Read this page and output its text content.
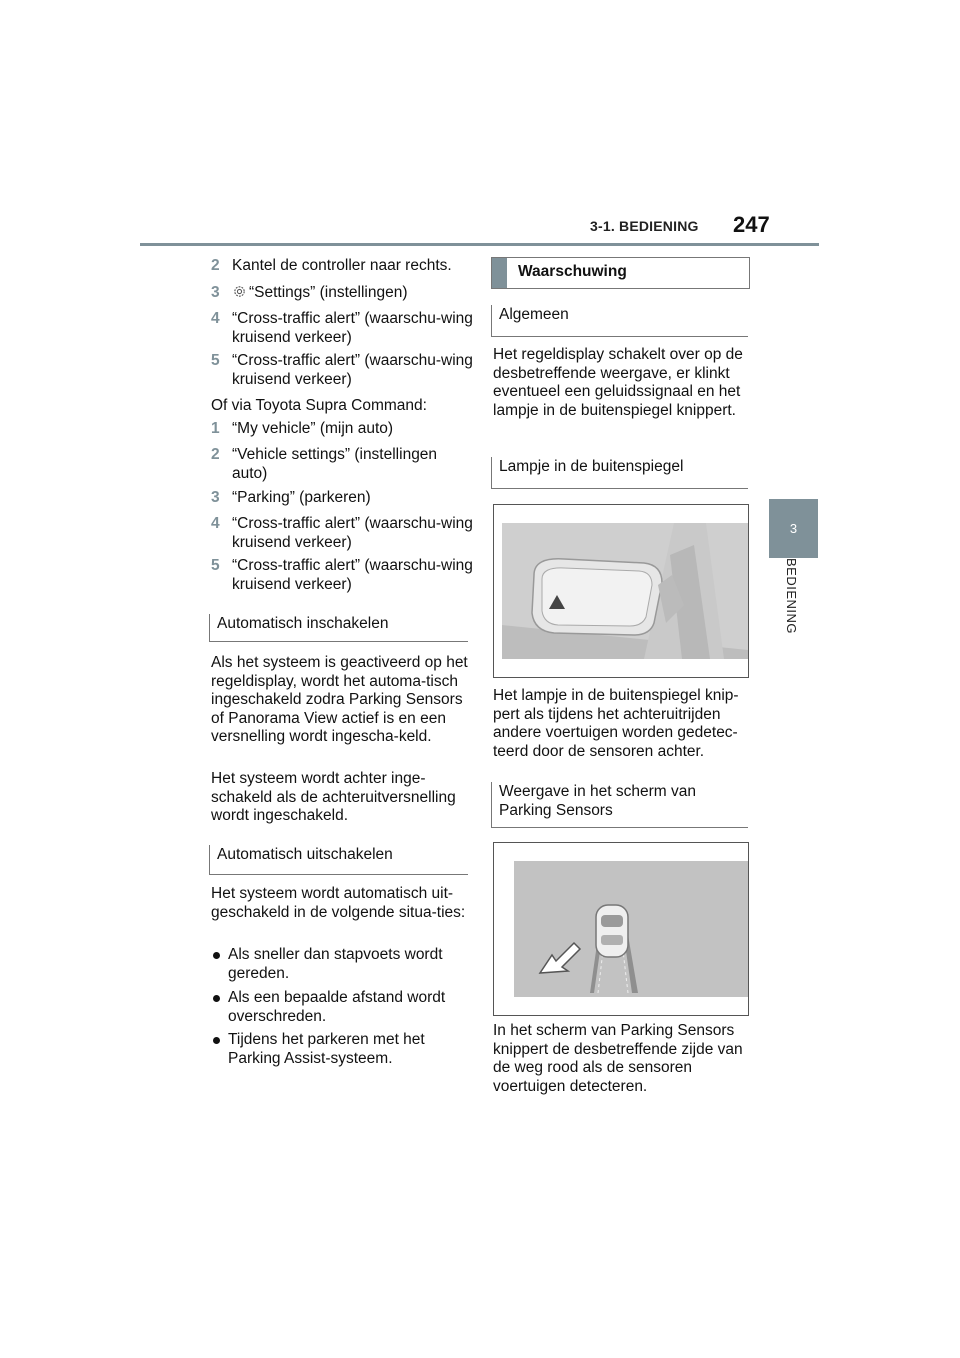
3-1. BEDIENING 247
3
BEDIENING
2 Kantel de controller naar rechts.
3	“Settings” (instellingen)
4 “Cross-traffic alert” (waarschu-wing kruisend verkeer)
5 “Cross-traffic alert” (waarschu-wing kruisend verkeer)
Of via Toyota Supra Command:
1 “My vehicle” (mijn auto)
2 “Vehicle settings” (instellingen auto)
3 “Parking” (parkeren)
4 “Cross-traffic alert” (waarschu-wing kruisend verkeer)
5 “Cross-traffic alert” (waarschu-wing kruisend verkeer)
Automatisch inschakelen
Als het systeem is geactiveerd op het regeldisplay, wordt het automa-tisch ingeschakeld zodra Parking Sensors of Panorama View actief is en een versnelling wordt ingescha-keld.
Het systeem wordt achter inge-schakeld als de achteruitversnelling wordt ingeschakeld.
Automatisch uitschakelen
Het systeem wordt automatisch uit-geschakeld in de volgende situa-ties:
Als sneller dan stapvoets wordt gereden.
Als een bepaalde afstand wordt overschreden.
Tijdens het parkeren met het Parking Assist-systeem.
Waarschuwing
Algemeen
Het regeldisplay schakelt over op de desbetreffende weergave, er klinkt eventueel een geluidssignaal en het lampje in de buitenspiegel knippert.
Lampje in de buitenspiegel
Het lampje in de buitenspiegel knip-pert als tijdens het achteruitrijden andere voertuigen worden gedetec-teerd door de sensoren achter.
Weergave in het scherm van Parking Sensors
In het scherm van Parking Sensors knippert de desbetreffende zijde van de weg rood als de sensoren voertuigen detecteren.
